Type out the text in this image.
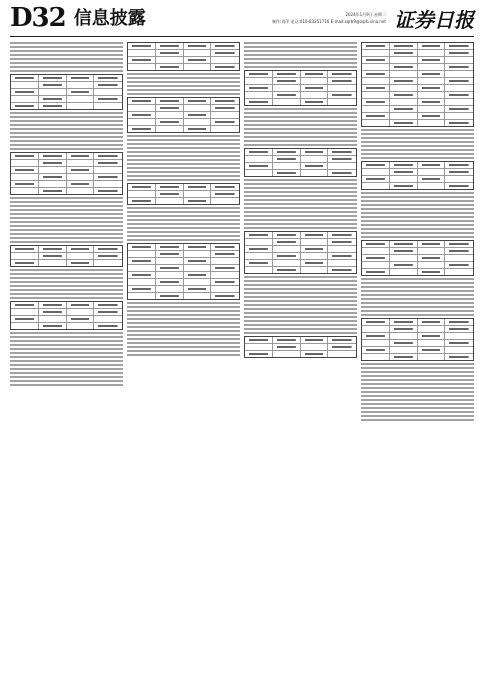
D32 信息披露	2024年1月9日 星期二
制作:刘萍 电话:010-83251716 E-mail:zqrb9@zqrb.sina.net 证券日报
